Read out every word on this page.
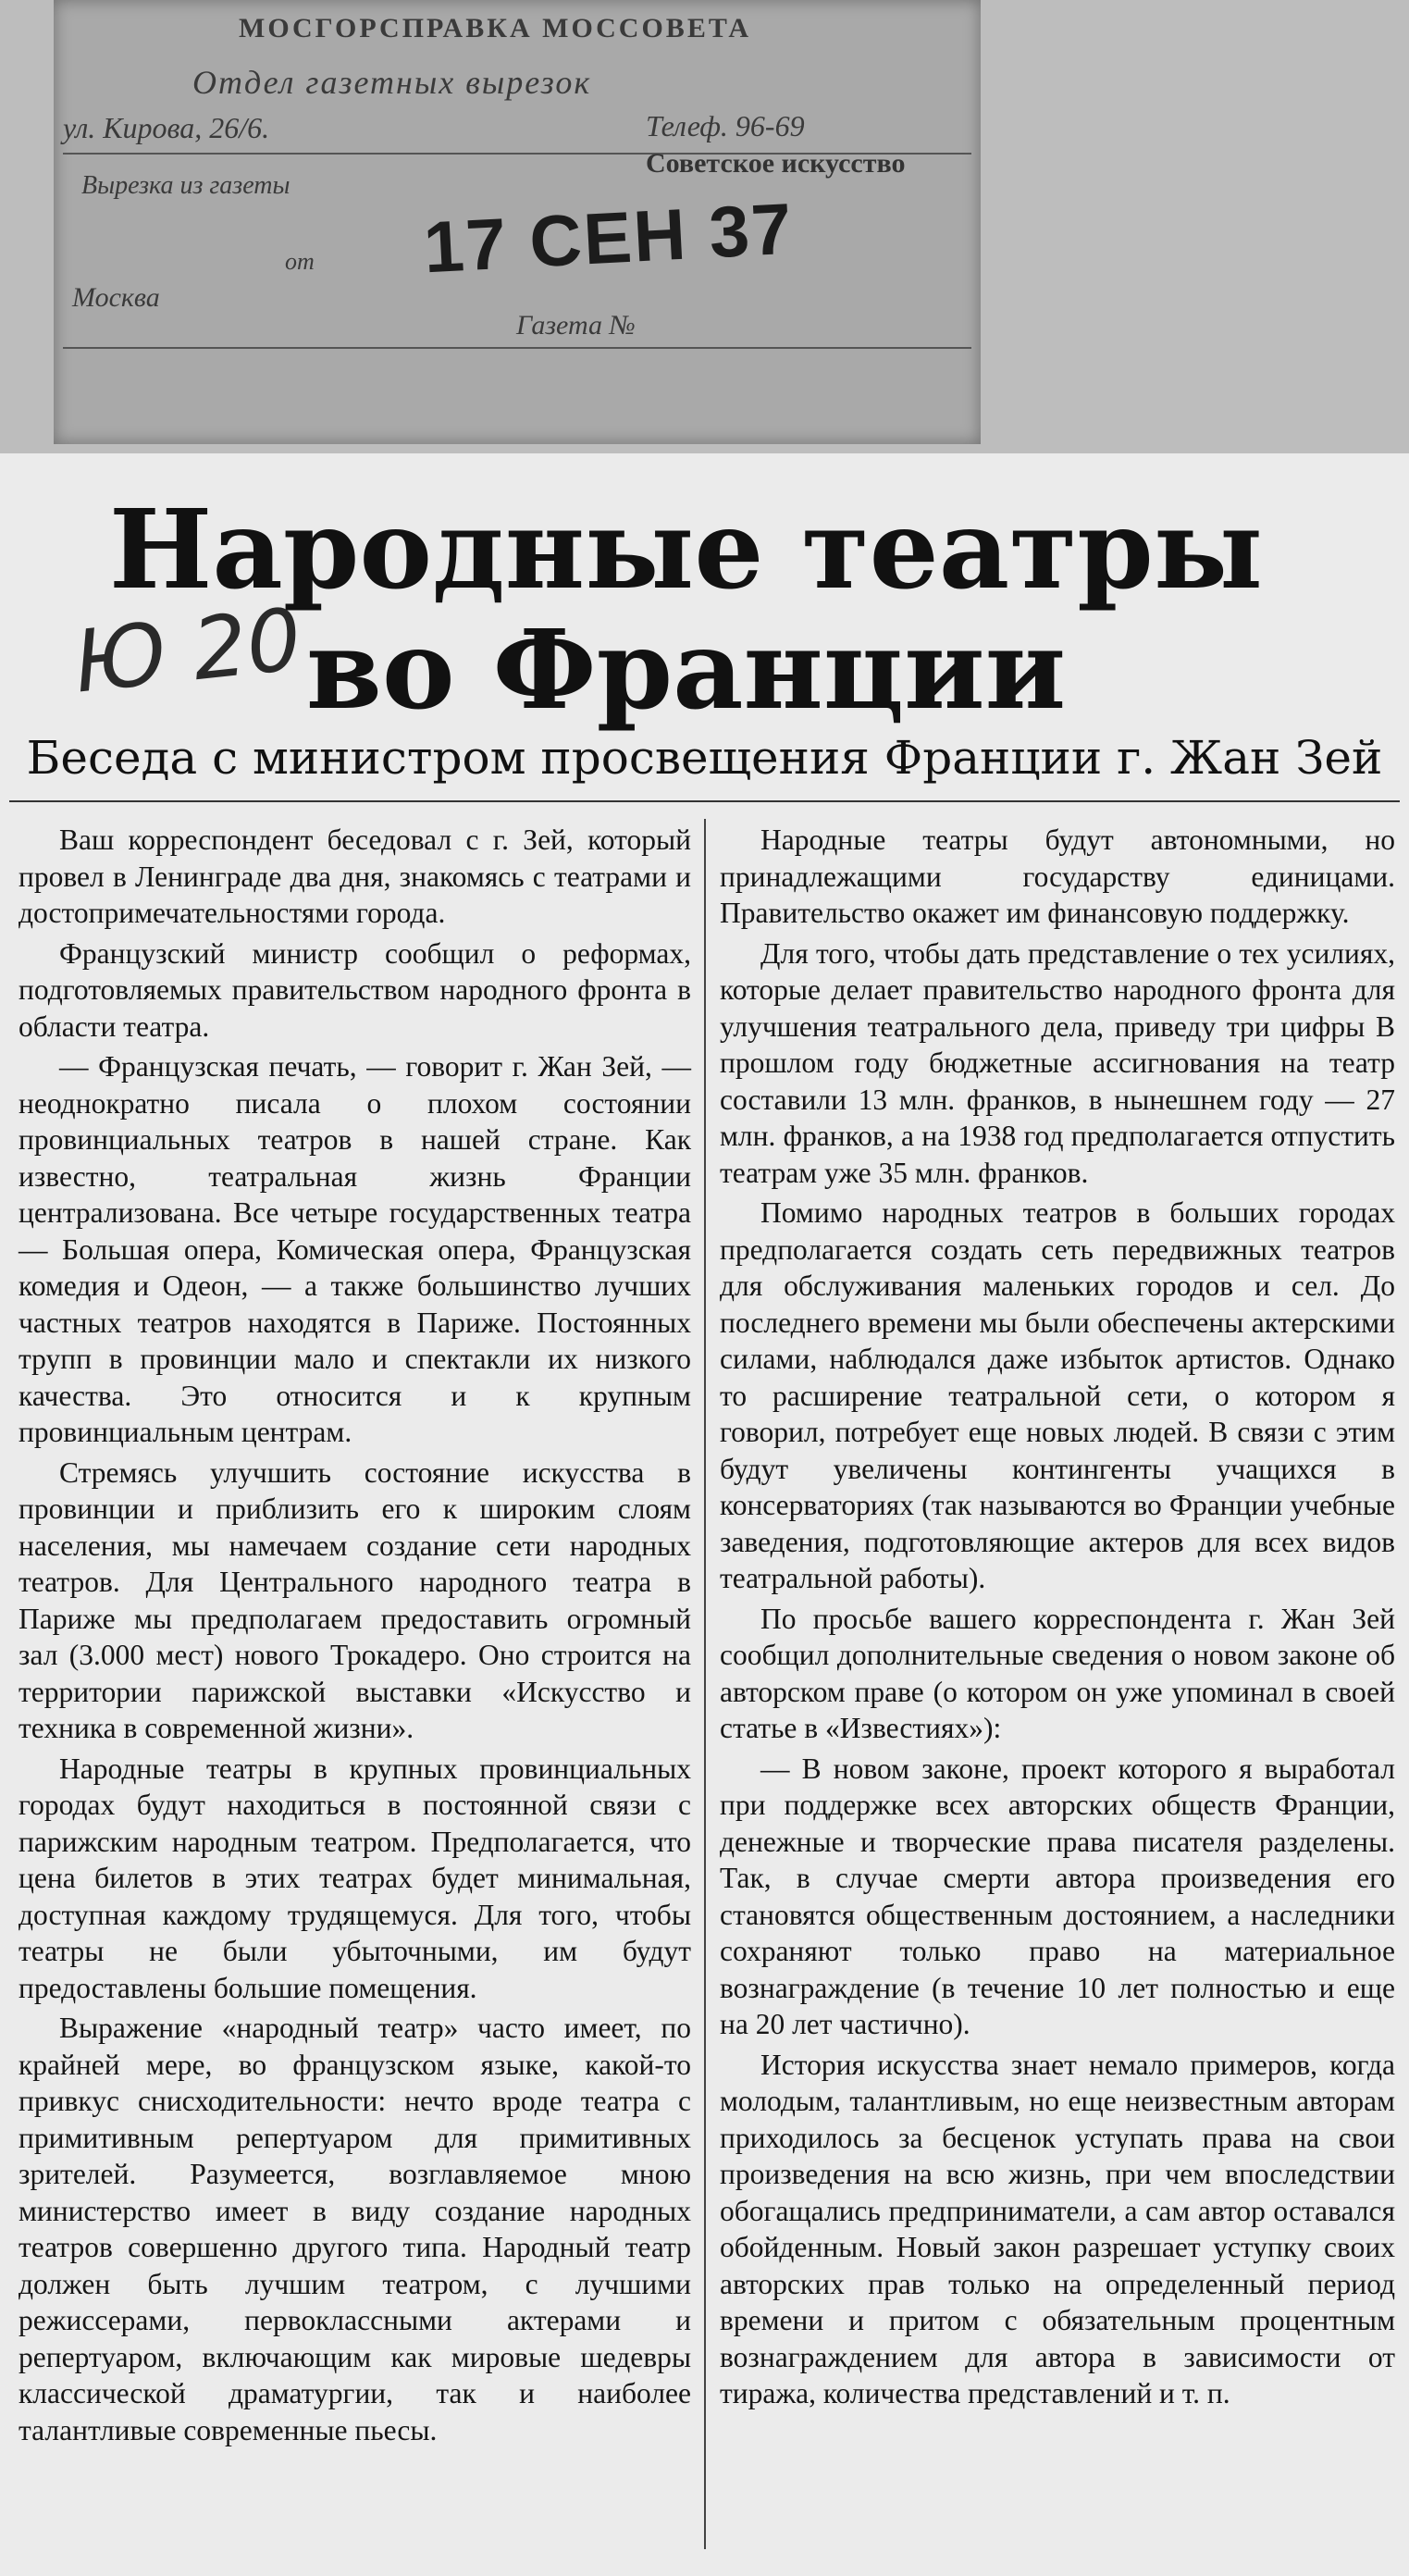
МОСГОРСПРАВКА МОССОВЕТА
Отдел газетных вырезок
ул. Кирова, 26/6.	Телеф. 96-69
Вырезка из газеты
Советское искусство
от 17 СЕН 37
Москва
Газета №
Народные театры
во Франции
Ю 20
Беседа с министром просвещения Франции г. Жан Зей

Ваш корреспондент беседовал с г. Зей, который провел в Ленинграде два дня, знакомясь с театрами и достопримечательностями города.

Французский министр сообщил о реформах, подготовляемых правительством народного фронта в области театра.

— Французская печать, — говорит г. Жан Зей, — неоднократно писала о плохом состоянии провинциальных театров в нашей стране. Как известно, театральная жизнь Франции централизована. Все четыре государственных театра — Большая опера, Комическая опера, Французская комедия и Одеон, — а также большинство лучших частных театров находятся в Париже. Постоянных трупп в провинции мало и спектакли их низкого качества. Это относится и к крупным провинциальным центрам.

Стремясь улучшить состояние искусства в провинции и приблизить его к широким слоям населения, мы намечаем создание сети народных театров. Для Центрального народного театра в Париже мы предполагаем предоставить огромный зал (3.000 мест) нового Трокадеро. Оно строится на территории парижской выставки «Искусство и техника в современной жизни».

Народные театры в крупных провинциальных городах будут находиться в постоянной связи с парижским народным театром. Предполагается, что цена билетов в этих театрах будет минимальная, доступная каждому трудящемуся. Для того, чтобы театры не были убыточными, им будут предоставлены большие помещения.

Выражение «народный театр» часто имеет, по крайней мере, во французском языке, какой-то привкус снисходительности: нечто вроде театра с примитивным репертуаром для примитивных зрителей. Разумеется, возглавляемое мною министерство имеет в виду создание народных театров совершенно другого типа. Народный театр должен быть лучшим театром, с лучшими режиссерами, первоклассными актерами и репертуаром, включающим как мировые шедевры классической драматургии, так и наиболее талантливые современные пьесы.

Народные театры будут автономными, но принадлежащими государству единицами. Правительство окажет им финансовую поддержку.

Для того, чтобы дать представление о тех усилиях, которые делает правительство народного фронта для улучшения театрального дела, приведу три цифры В прошлом году бюджетные ассигнования на театр составили 13 млн. франков, в нынешнем году — 27 млн. франков, а на 1938 год предполагается отпустить театрам уже 35 млн. франков.

Помимо народных театров в больших городах предполагается создать сеть передвижных театров для обслуживания маленьких городов и сел. До последнего времени мы были обеспечены актерскими силами, наблюдался даже избыток артистов. Однако то расширение театральной сети, о котором я говорил, потребует еще новых людей. В связи с этим будут увеличены контингенты учащихся в консерваториях (так называются во Франции учебные заведения, подготовляющие актеров для всех видов театральной работы).

По просьбе вашего корреспондента г. Жан Зей сообщил дополнительные сведения о новом законе об авторском праве (о котором он уже упоминал в своей статье в «Известиях»):

— В новом законе, проект которого я выработал при поддержке всех авторских обществ Франции, денежные и творческие права писателя разделены. Так, в случае смерти автора произведения его становятся общественным достоянием, а наследники сохраняют только право на материальное вознаграждение (в течение 10 лет полностью и еще на 20 лет частично).

История искусства знает немало примеров, когда молодым, талантливым, но еще неизвестным авторам приходилось за бесценок уступать права на свои произведения на всю жизнь, при чем впоследствии обогащались предприниматели, а сам автор оставался обойденным. Новый закон разрешает уступку своих авторских прав только на определенный период времени и притом с обязательным процентным вознаграждением для автора в зависимости от тиража, количества представлений и т. п.
